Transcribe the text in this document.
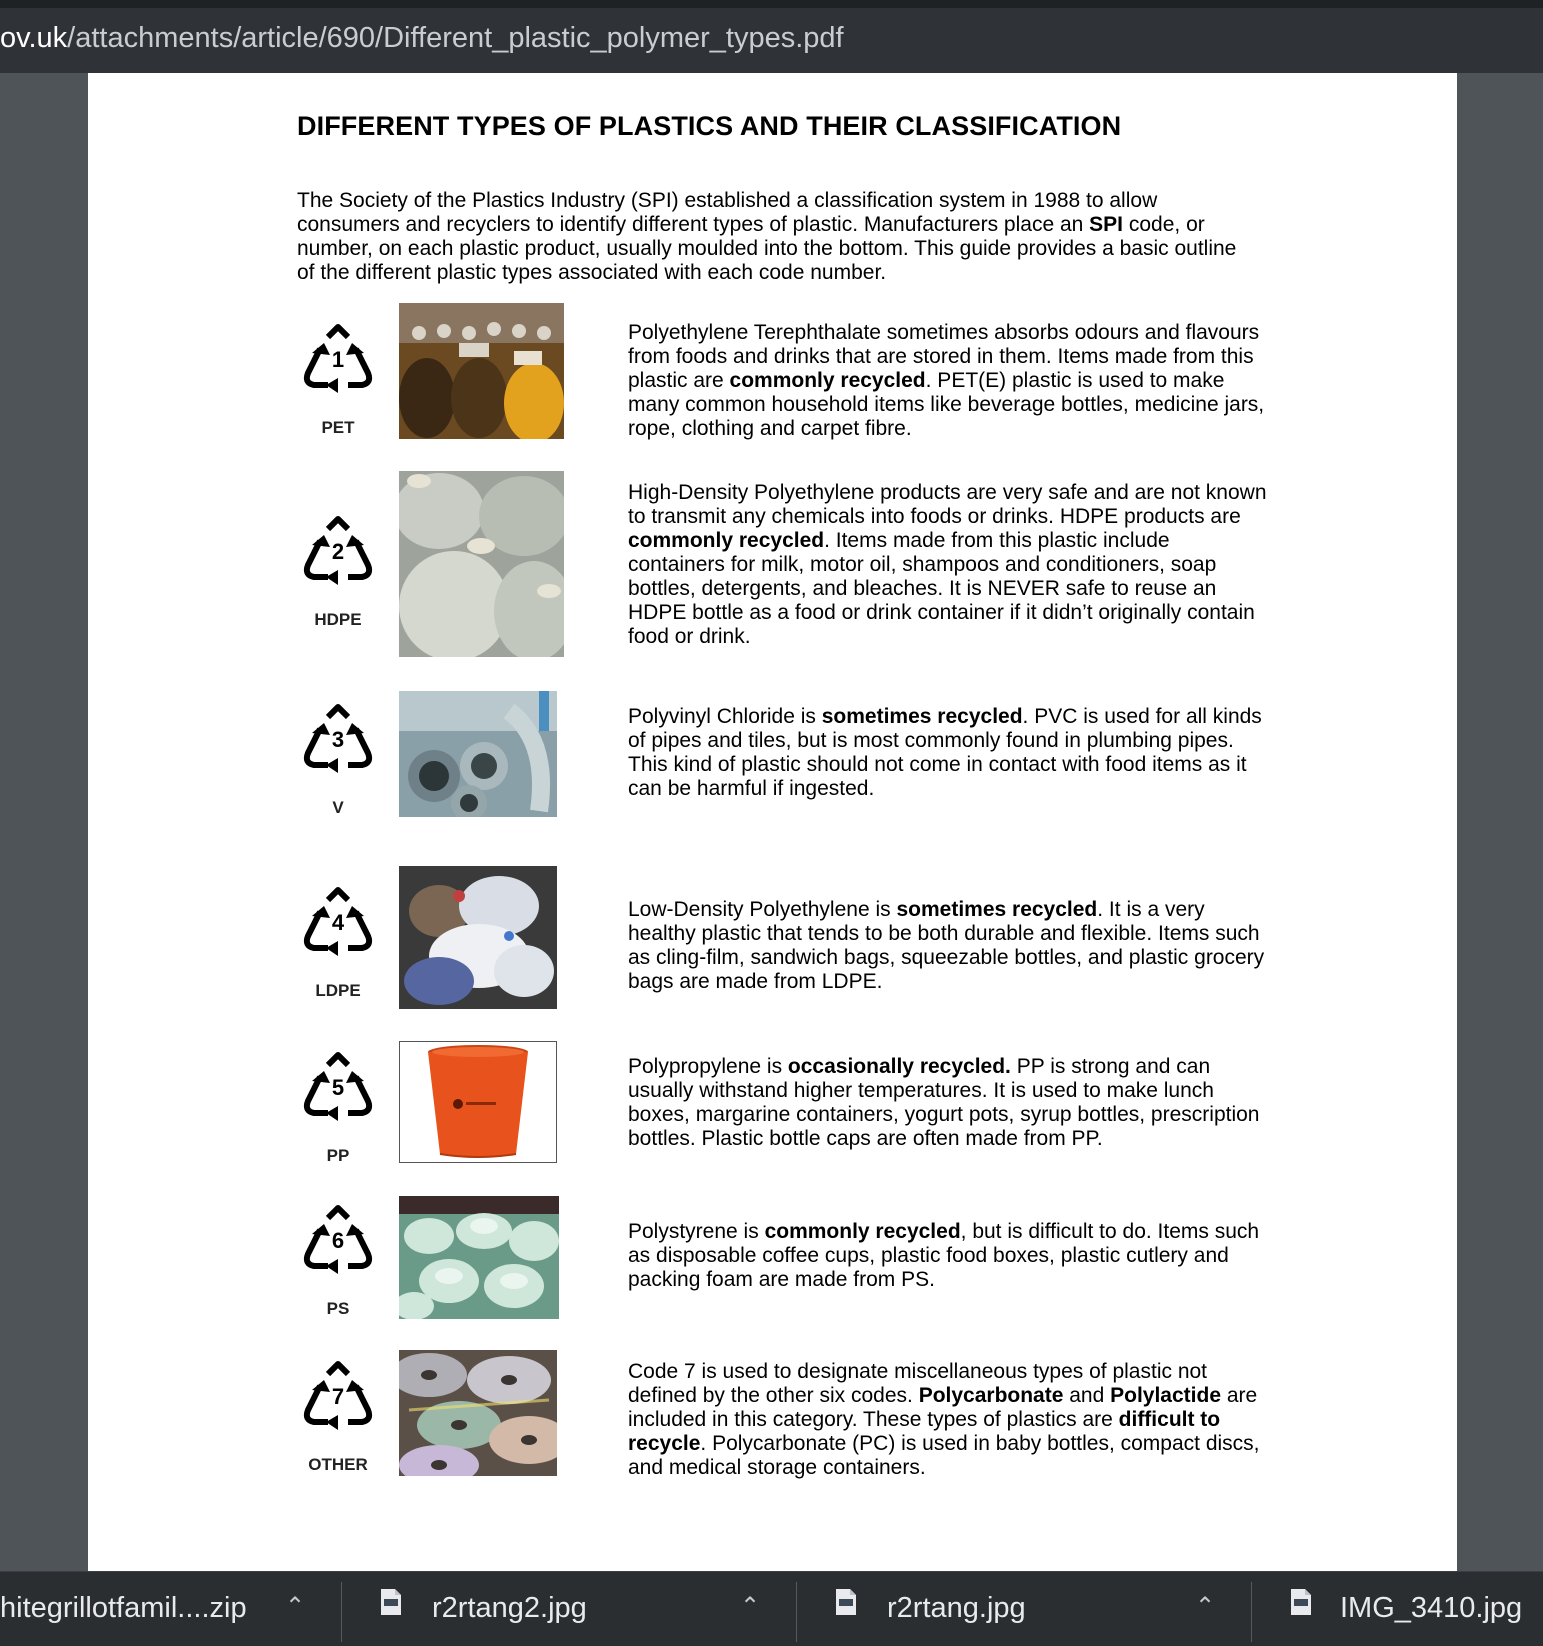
ov.uk/attachments/article/690/Different_plastic_polymer_types.pdf
DIFFERENT TYPES OF PLASTICS AND THEIR CLASSIFICATION
The Society of the Plastics Industry (SPI) established a classification system in 1988 to allow consumers and recyclers to identify different types of plastic. Manufacturers place an SPI code, or number, on each plastic product, usually moulded into the bottom. This guide provides a basic outline of the different plastic types associated with each code number.
1
PET
Polyethylene Terephthalate sometimes absorbs odours and flavours from foods and drinks that are stored in them. Items made from this plastic are commonly recycled. PET(E) plastic is used to make many common household items like beverage bottles, medicine jars, rope, clothing and carpet fibre.
2
HDPE
High-Density Polyethylene products are very safe and are not known to transmit any chemicals into foods or drinks. HDPE products are commonly recycled. Items made from this plastic include containers for milk, motor oil, shampoos and conditioners, soap bottles, detergents, and bleaches. It is NEVER safe to reuse an HDPE bottle as a food or drink container if it didn’t originally contain food or drink.
3
V
Polyvinyl Chloride is sometimes recycled. PVC is used for all kinds of pipes and tiles, but is most commonly found in plumbing pipes. This kind of plastic should not come in contact with food items as it can be harmful if ingested.
4
LDPE
Low-Density Polyethylene is sometimes recycled. It is a very healthy plastic that tends to be both durable and flexible. Items such as cling-film, sandwich bags, squeezable bottles, and plastic grocery bags are made from LDPE.
5
PP
Polypropylene is occasionally recycled. PP is strong and can usually withstand higher temperatures. It is used to make lunch boxes, margarine containers, yogurt pots, syrup bottles, prescription bottles. Plastic bottle caps are often made from PP.
6
PS
Polystyrene is commonly recycled, but is difficult to do. Items such as disposable coffee cups, plastic food boxes, plastic cutlery and packing foam are made from PS.
7
OTHER
Code 7 is used to designate miscellaneous types of plastic not defined by the other six codes. Polycarbonate and Polylactide are included in this category. These types of plastics are difficult to recycle. Polycarbonate (PC) is used in baby bottles, compact discs, and medical storage containers.
hitegrillotfamil....zip ⌃	r2rtang2.jpg	⌃	r2rtang.jpg	⌃	IMG_3410.jpg
